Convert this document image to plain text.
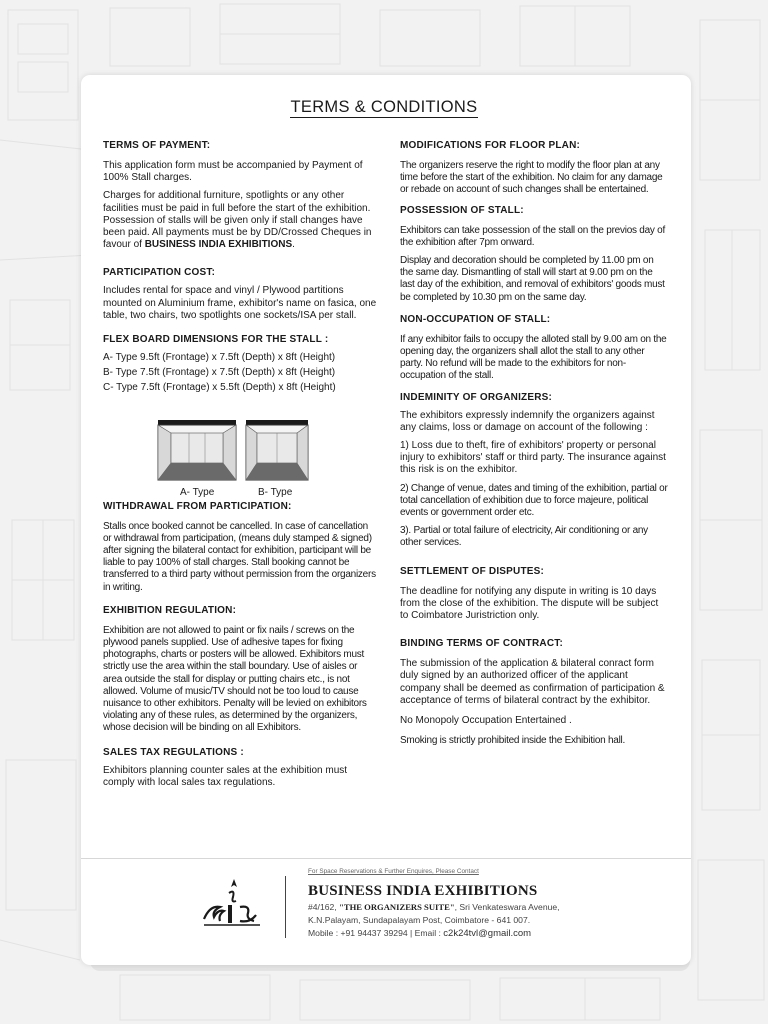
TERMS & CONDITIONS
TERMS OF PAYMENT:

This application form must be accompanied by Payment of 100% Stall charges.

Charges for additional furniture, spotlights or any other facilities must be paid in full before the start of the exhibition. Possession of stalls will be given only if stall changes have been paid. All payments must be by DD/Crossed Cheques in favour of BUSINESS INDIA EXHIBITIONS.

PARTICIPATION COST:

Includes rental for space and vinyl / Plywood partitions mounted on Aluminium frame, exhibitor's name on fasica, one table, two chairs, two spotlights one sockets/ISA per stall.

FLEX BOARD DIMENSIONS FOR THE STALL :

A- Type 9.5ft (Frontage) x 7.5ft (Depth) x 8ft (Height)

B- Type 7.5ft (Frontage) x 7.5ft (Depth) x 8ft (Height)

C- Type 7.5ft (Frontage) x 5.5ft (Depth) x 8ft (Height)

A- Type	B- Type
WITHDRAWAL FROM PARTICIPATION:

Stalls once booked cannot be cancelled. In case of cancellation or withdrawal from participation, (means duly stamped & signed) after signing the bilateral contact for exhibition, participant will be liable to pay 100% of stall charges. Stall booking cannot be transferred to a third party without permission from the organizers in writing.

EXHIBITION REGULATION:

Exhibition are not allowed to paint or fix nails / screws on the plywood panels supplied. Use of adhesive tapes for fixing photographs, charts or posters will be allowed. Exhibitors must strictly use the area within the stall boundary. Use of aisles or area outside the stall for display or putting chairs etc., is not allowed. Volume of music/TV should not be too loud to cause nuisance to other exhibitors. Penalty will be levied on exhibitors violating any of these rules, as determined by the organizers, whose decision will be binding on all Exhibitors.

SALES TAX REGULATIONS :

Exhibitors planning counter sales at the exhibition must comply with local sales tax regulations.

MODIFICATIONS FOR FLOOR PLAN:

The organizers reserve the right to modify the floor plan at any time before the start of the exhibition. No claim for any damage or rebade on account of such changes shall be entertained.

POSSESSION OF STALL:

Exhibitors can take possession of the stall on the previos day of the exhibition after 7pm onward.

Display and decoration should be completed by 11.00 pm on the same day. Dismantling of stall will start at 9.00 pm on the last day of the exhibition, and removal of exhibitors' goods must be completed by 10.30 pm on the same day.

NON-OCCUPATION OF STALL:

If any exhibitor fails to occupy the alloted stall by 9.00 am on the opening day, the organizers shall allot the stall to any other party. No refund will be made to the exhibitors for non-occupation of the stall.

INDEMINITY OF ORGANIZERS:

The exhibitors expressly indemnify the organizers against any claims, loss or damage on account of the following :

1) Loss due to theft, fire of exhibitors' property or personal injury to exhibitors' staff or third party. The insurance against this risk is on the exhibitor.

2) Change of venue, dates and timing of the exhibition, partial or total cancellation of exhibition due to force majeure, political events or government order etc.

3). Partial or total failure of electricity, Air conditioning or any other services.

SETTLEMENT OF DISPUTES:

The deadline for notifying any dispute in writing is 10 days from the close of the exhibition. The dispute will be subject to Coimbatore Juristriction only.

BINDING TERMS OF CONTRACT:

The submission of the application & bilateral conract form duly signed by an authorized officer of the applicant company shall be deemed as confirmation of participation & acceptance of terms of bilateral contract by the exhibitor.

No Monopoly Occupation Entertained .

Smoking is strictly prohibited inside the Exhibition hall.

For Space Reservations & Further Enquires, Please Contact
BUSINESS INDIA EXHIBITIONS
#4/162, "THE ORGANIZERS SUITE", Sri Venkateswara Avenue,
K.N.Palayam, Sundapalayam Post, Coimbatore - 641 007.
Mobile : +91 94437 39294 | Email : c2k24tvl@gmail.com
